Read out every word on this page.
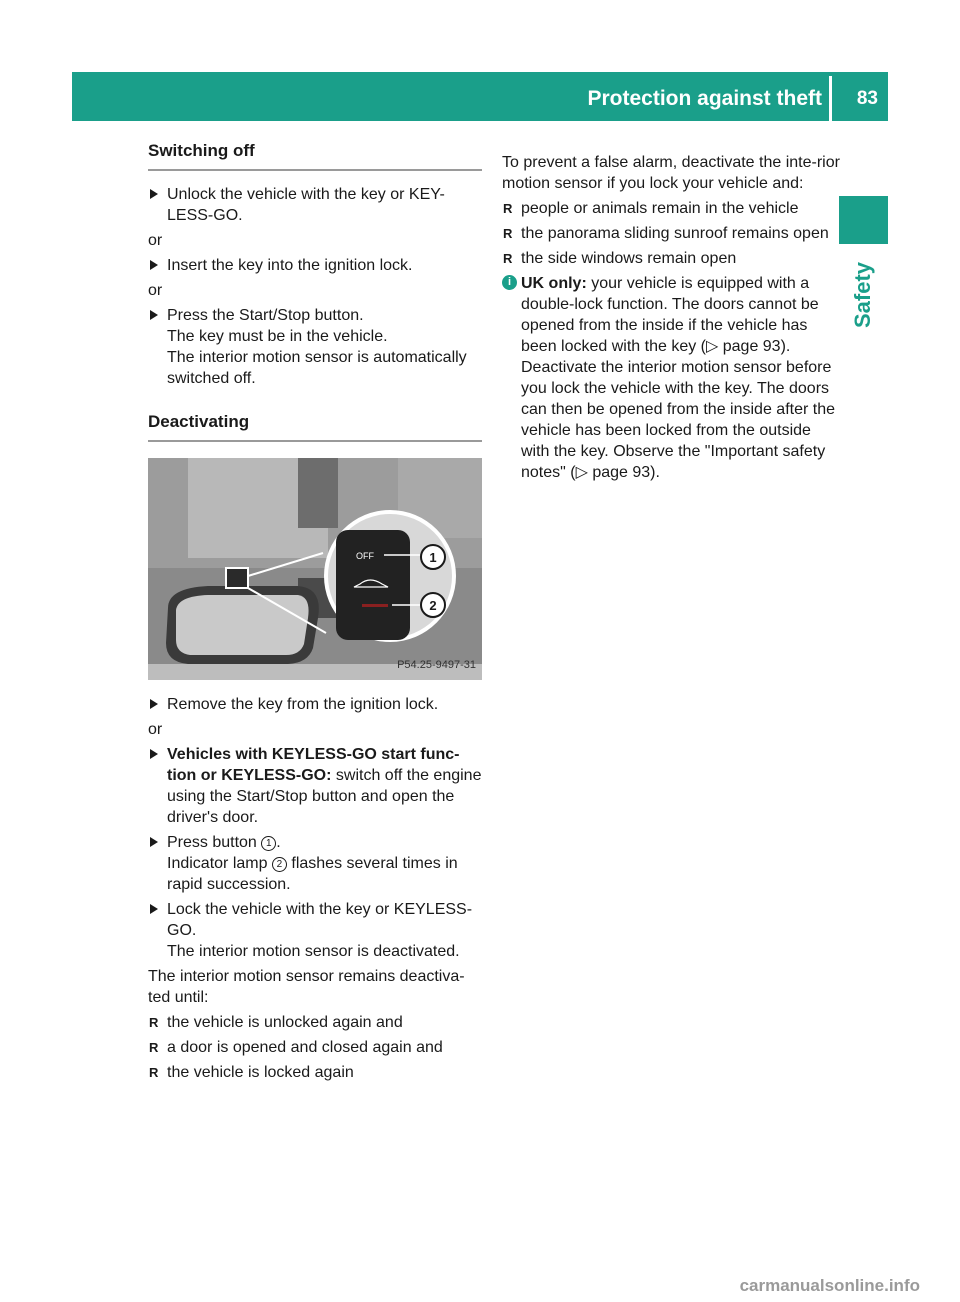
Protection against theft 83
Safety
Switching off
Unlock the vehicle with the key or KEY-LESS-GO.
or
Insert the key into the ignition lock.
or
Press the Start/Stop button.
The key must be in the vehicle.
The interior motion sensor is automatically switched off.
Deactivating
OFF	1
2
P54.25-9497-31
Remove the key from the ignition lock.
or
Vehicles with KEYLESS-GO start func-tion or KEYLESS-GO: switch off the engine using the Start/Stop button and open the driver's door.
Press button 1 .
Indicator lamp 2 flashes several times in rapid succession.
Lock the vehicle with the key or KEYLESS-GO.
The interior motion sensor is deactivated.
The interior motion sensor remains deactiva-ted until:
R the vehicle is unlocked again and
R a door is opened and closed again and
R the vehicle is locked again
To prevent a false alarm, deactivate the inte-rior motion sensor if you lock your vehicle and:
R people or animals remain in the vehicle
R the panorama sliding sunroof remains open
R the side windows remain open
i UK only: your vehicle is equipped with a double-lock function. The doors cannot be opened from the inside if the vehicle has been locked with the key (▷ page 93). Deactivate the interior motion sensor before you lock the vehicle with the key. The doors can then be opened from the inside after the vehicle has been locked from the outside with the key. Observe the "Important safety notes" (▷ page 93).
carmanualsonline.info
